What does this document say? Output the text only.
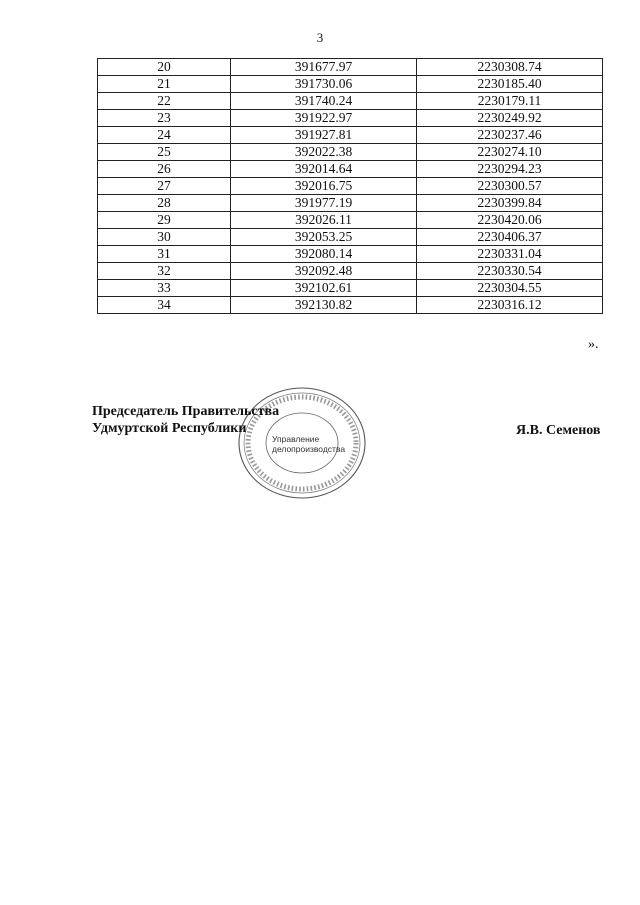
3
20	391677.97	2230308.74
21	391730.06	2230185.40
22	391740.24	2230179.11
23	391922.97	2230249.92
24	391927.81	2230237.46
25	392022.38	2230274.10
26	392014.64	2230294.23
27	392016.75	2230300.57
28	391977.19	2230399.84
29	392026.11	2230420.06
30	392053.25	2230406.37
31	392080.14	2230331.04
32	392092.48	2230330.54
33	392102.61	2230304.55
34	392130.82	2230316.12
».
Управление
делопроизводства
Председатель Правительства
Удмуртской Республики	Я.В. Семенов
